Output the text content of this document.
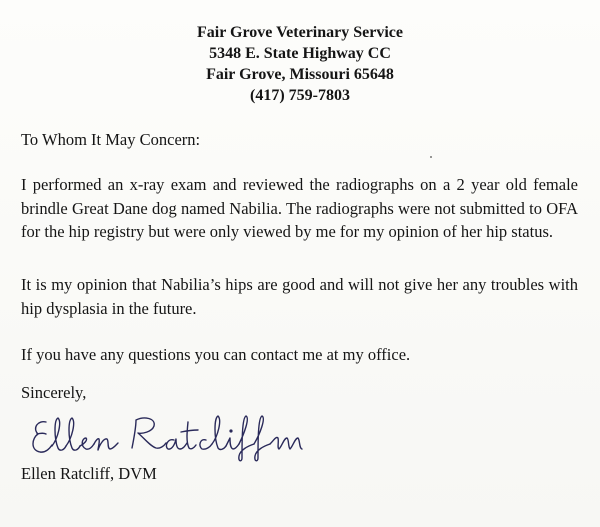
Fair Grove Veterinary Service
5348 E. State Highway CC
Fair Grove, Missouri 65648
(417) 759-7803
To Whom It May Concern:
I performed an x-ray exam and reviewed the radiographs on a 2 year old female brindle Great Dane dog named Nabilia. The radiographs were not submitted to OFA for the hip registry but were only viewed by me for my opinion of her hip status.
It is my opinion that Nabilia’s hips are good and will not give her any troubles with hip dysplasia in the future.
If you have any questions you can contact me at my office.
Sincerely,
Ellen Ratcliff, DVM
